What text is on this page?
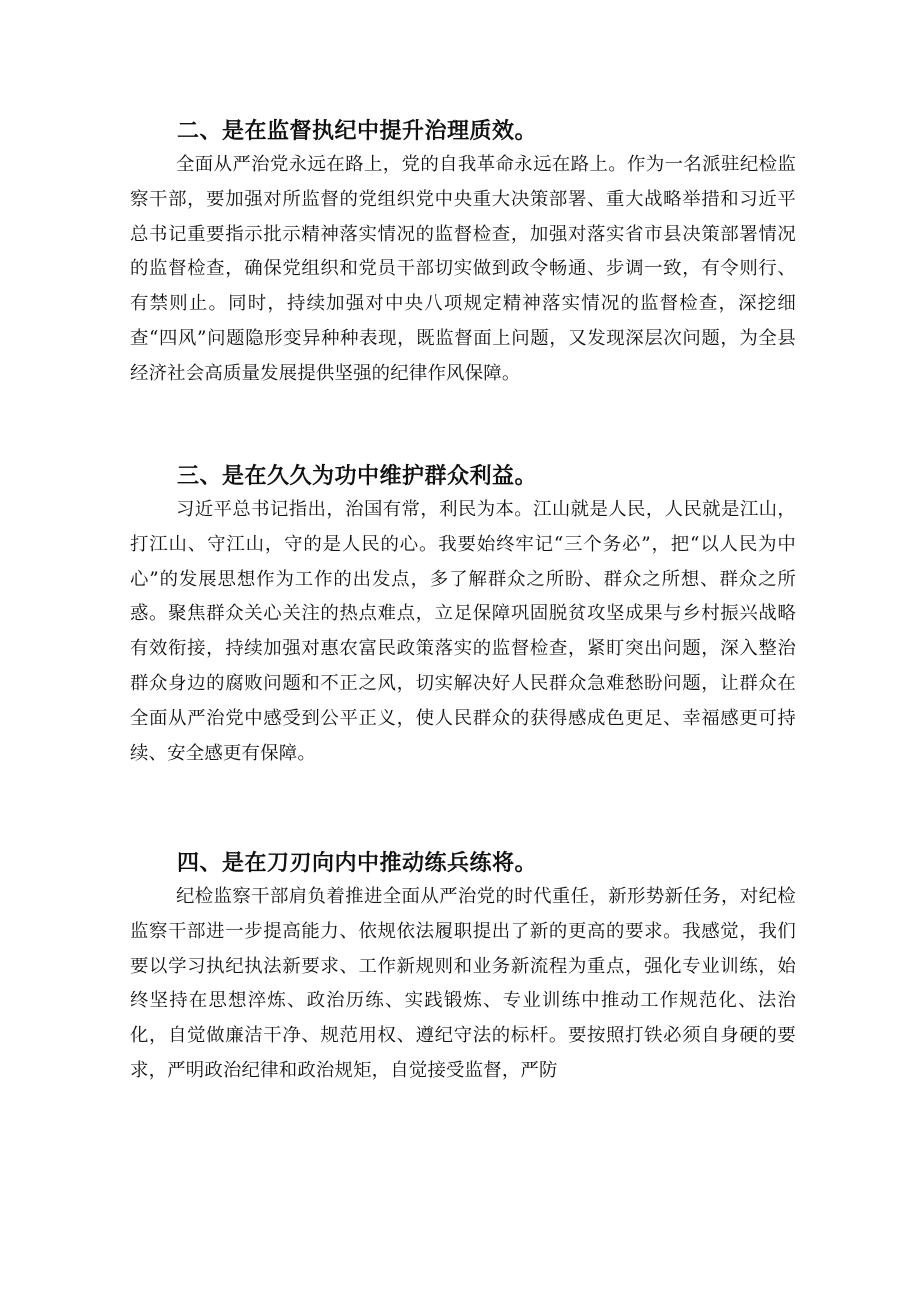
二、是在监督执纪中提升治理质效。

全面从严治党永远在路上，党的自我革命永远在路上。作为一名派驻纪检监察干部，要加强对所监督的党组织党中央重大决策部署、重大战略举措和习近平总书记重要指示批示精神落实情况的监督检查，加强对落实省市县决策部署情况的监督检查，确保党组织和党员干部切实做到政令畅通、步调一致，有令则行、有禁则止。同时，持续加强对中央八项规定精神落实情况的监督检查，深挖细查“四风”问题隐形变异种种表现，既监督面上问题，又发现深层次问题，为全县经济社会高质量发展提供坚强的纪律作风保障。

三、是在久久为功中维护群众利益。

习近平总书记指出，治国有常，利民为本。江山就是人民，人民就是江山，打江山、守江山，守的是人民的心。我要始终牢记“三个务必”，把“以人民为中心”的发展思想作为工作的出发点，多了解群众之所盼、群众之所想、群众之所惑。聚焦群众关心关注的热点难点，立足保障巩固脱贫攻坚成果与乡村振兴战略有效衔接，持续加强对惠农富民政策落实的监督检查，紧盯突出问题，深入整治群众身边的腐败问题和不正之风，切实解决好人民群众急难愁盼问题，让群众在全面从严治党中感受到公平正义，使人民群众的获得感成色更足、幸福感更可持续、安全感更有保障。

四、是在刀刃向内中推动练兵练将。

纪检监察干部肩负着推进全面从严治党的时代重任，新形势新任务，对纪检监察干部进一步提高能力、依规依法履职提出了新的更高的要求。我感觉，我们要以学习执纪执法新要求、工作新规则和业务新流程为重点，强化专业训练，始终坚持在思想淬炼、政治历练、实践锻炼、专业训练中推动工作规范化、法治化，自觉做廉洁干净、规范用权、遵纪守法的标杆。要按照打铁必须自身硬的要求，严明政治纪律和政治规矩，自觉接受监督，严防
